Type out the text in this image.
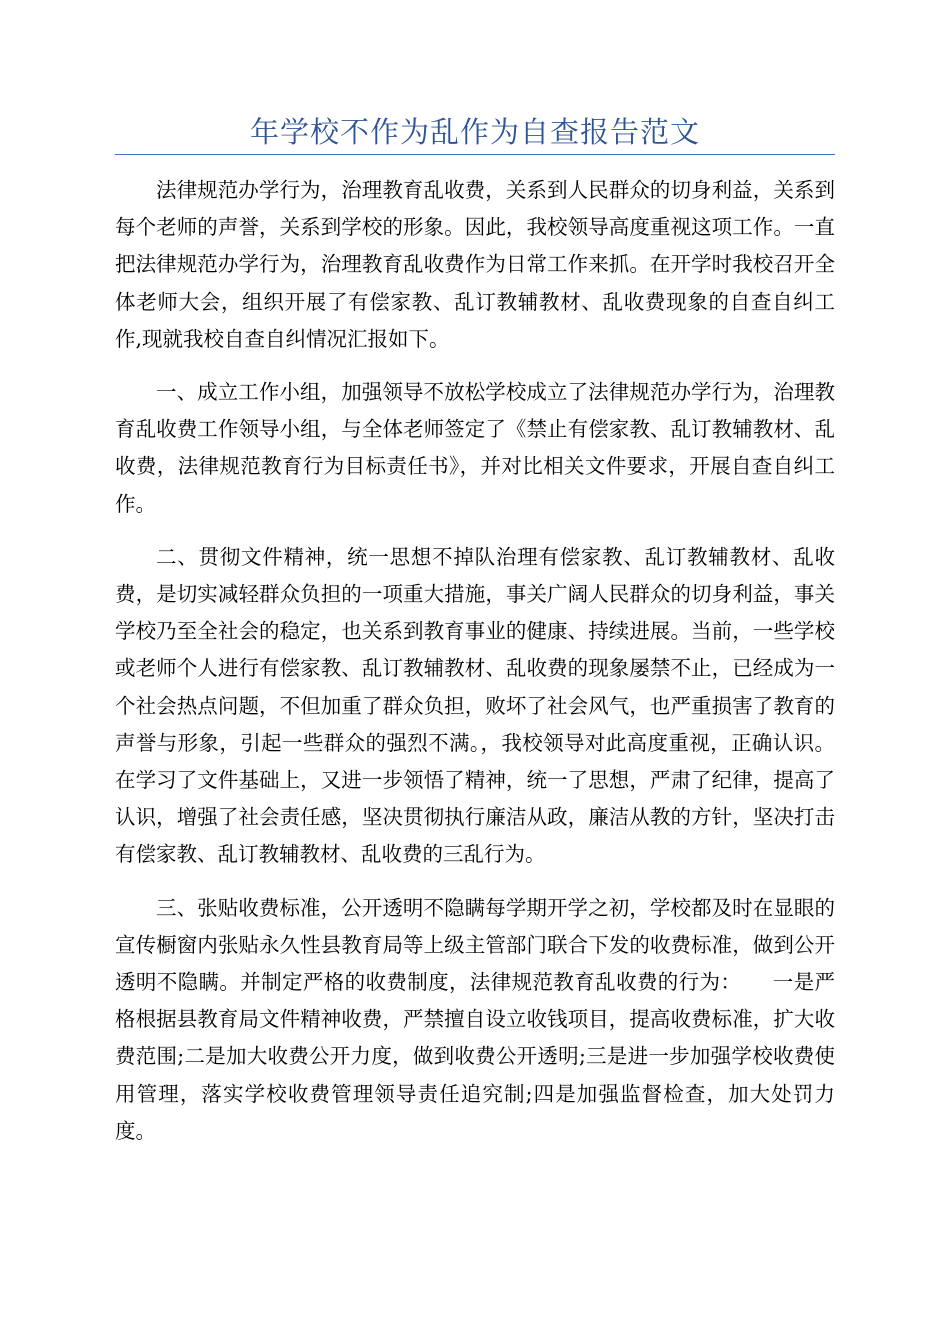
年学校不作为乱作为自查报告范文

法律规范办学行为，治理教育乱收费，关系到人民群众的切身利益，关系到每个老师的声誉，关系到学校的形象。因此，我校领导高度重视这项工作。一直把法律规范办学行为，治理教育乱收费作为日常工作来抓。在开学时我校召开全体老师大会，组织开展了有偿家教、乱订教辅教材、乱收费现象的自查自纠工作,现就我校自查自纠情况汇报如下。

一、成立工作小组，加强领导不放松学校成立了法律规范办学行为，治理教育乱收费工作领导小组，与全体老师签定了《禁止有偿家教、乱订教辅教材、乱收费，法律规范教育行为目标责任书》，并对比相关文件要求，开展自查自纠工作。

二、贯彻文件精神，统一思想不掉队治理有偿家教、乱订教辅教材、乱收费，是切实减轻群众负担的一项重大措施，事关广阔人民群众的切身利益，事关学校乃至全社会的稳定，也关系到教育事业的健康、持续进展。当前，一些学校或老师个人进行有偿家教、乱订教辅教材、乱收费的现象屡禁不止，已经成为一个社会热点问题，不但加重了群众负担，败坏了社会风气，也严重损害了教育的声誉与形象，引起一些群众的强烈不满。，我校领导对此高度重视，正确认识。在学习了文件基础上，又进一步领悟了精神，统一了思想，严肃了纪律，提高了认识，增强了社会责任感，坚决贯彻执行廉洁从政，廉洁从教的方针，坚决打击有偿家教、乱订教辅教材、乱收费的三乱行为。

三、张贴收费标准，公开透明不隐瞒每学期开学之初，学校都及时在显眼的宣传橱窗内张贴永久性县教育局等上级主管部门联合下发的收费标准，做到公开透明不隐瞒。并制定严格的收费制度，法律规范教育乱收费的行为：　　一是严格根据县教育局文件精神收费，严禁擅自设立收钱项目，提高收费标准，扩大收费范围;二是加大收费公开力度，做到收费公开透明;三是进一步加强学校收费使用管理，落实学校收费管理领导责任追究制;四是加强监督检查，加大处罚力度。
